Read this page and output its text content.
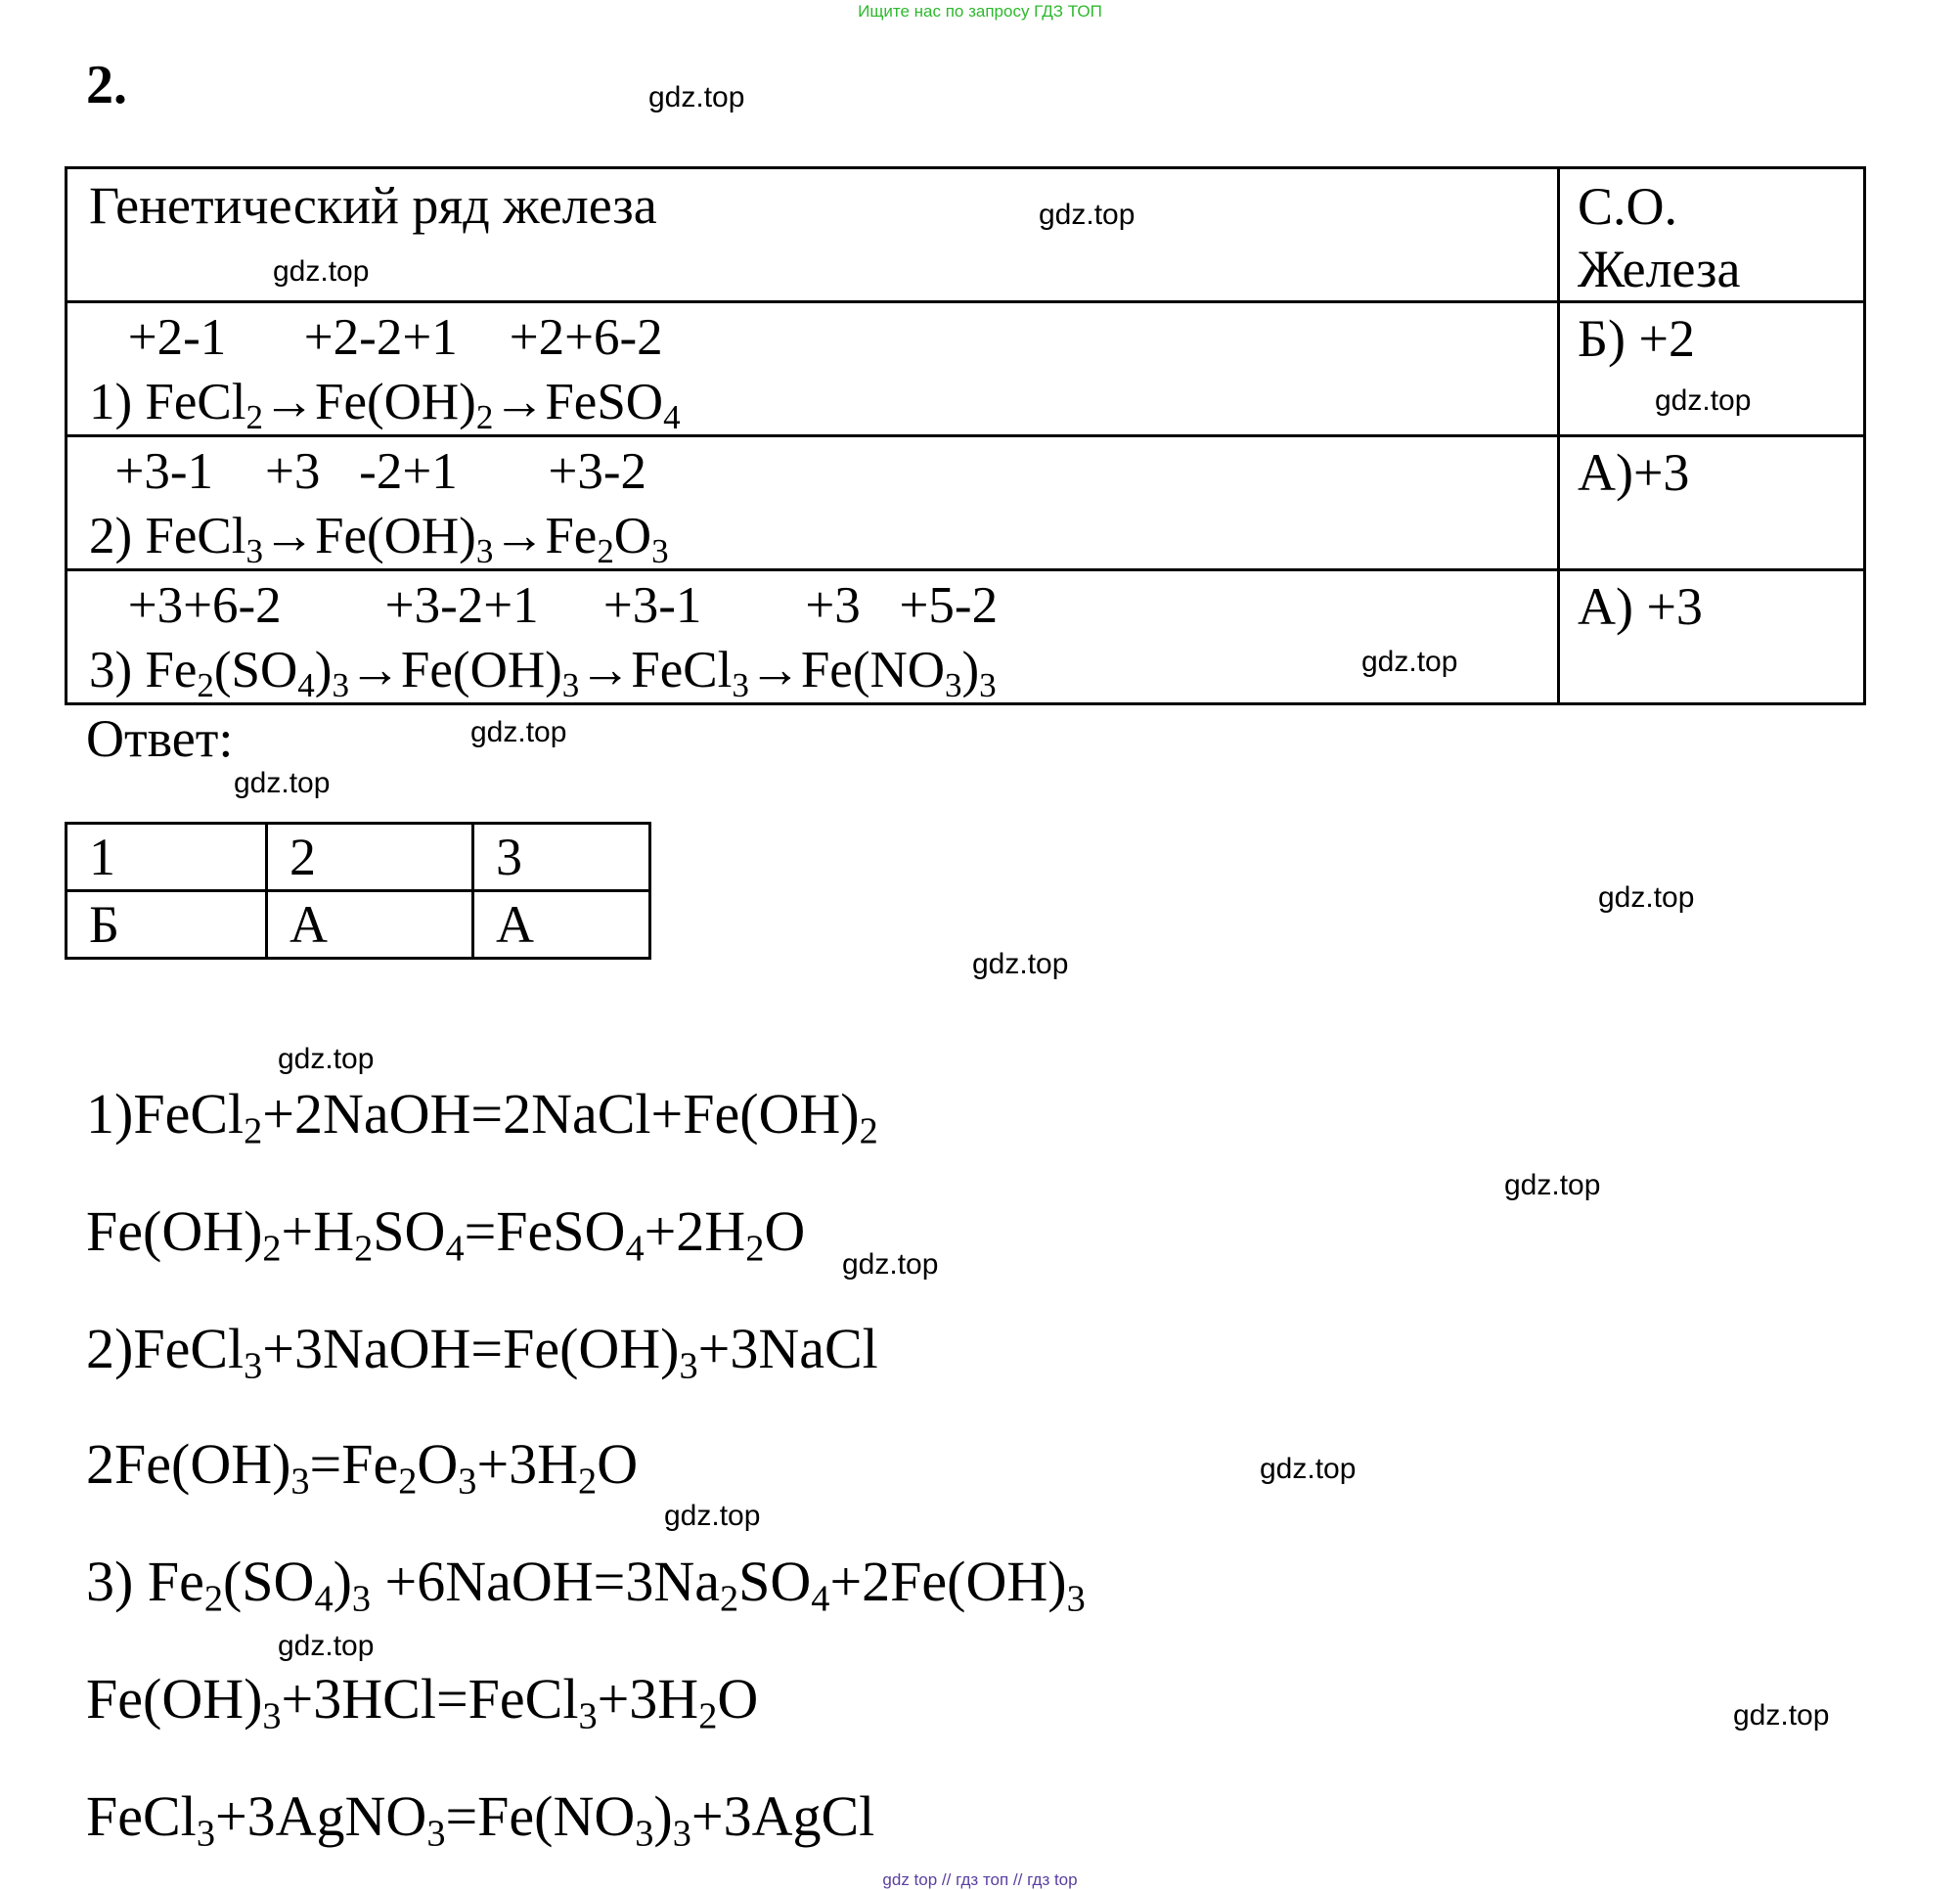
Ищите нас по запросу ГДЗ ТОП
2.
Генетический ряд железа	С.О.
Железа

+2-1      +2-2+1    +2+6-2
1) $FeCl_2\to Fe(OH)_2\to FeSO_4$	Б) +2

+3-1    +3   -2+1       +3-2
2) $FeCl_3\to Fe(OH)_3\to Fe_2O_3$	А)+3

+3+6-2        +3-2+1     +3-1        +3   +5-2
3) $Fe_2(SO_4)_3\to Fe(OH)_3\to FeCl_3\to Fe(NO_3)_3$	А) +3
Ответ:
1	2	3
Б	А	А
$1)FeCl_2+2NaOH=2NaCl+Fe(OH)_2$
$Fe(OH)_2+H_2SO_4=FeSO_4+2H_2O$
$2)FeCl_3+3NaOH=Fe(OH)_3+3NaCl$
$2Fe(OH)_3=Fe_2O_3+3H_2O$
3) $Fe_2(SO_4)_3$ $+6NaOH=3Na_2SO_4+2Fe(OH)_3$
$Fe(OH)_3+3HCl=FeCl_3+3H_2O$
$FeCl_3+3AgNO_3=Fe(NO_3)_3+3AgCl$
gdz.top
gdz.top
gdz.top
gdz.top
gdz.top
gdz.top
gdz.top
gdz.top
gdz.top
gdz.top
gdz.top
gdz.top
gdz.top
gdz.top
gdz.top
gdz.top
gdz top // гдз топ // гдз top
